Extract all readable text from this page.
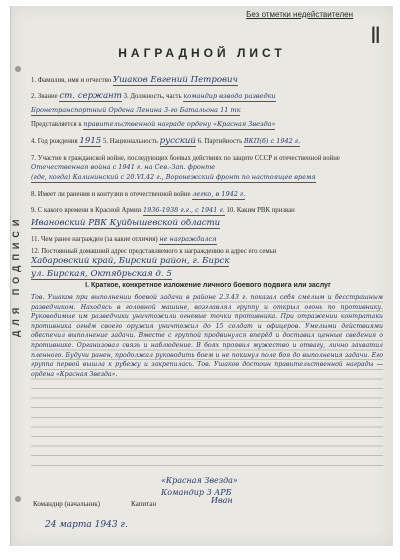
ДЛЯ ПОДПИСИ
Без отметки недействителен
Ⅱ
НАГРАДНОЙ ЛИСТ
1. Фамилия, имя и отчество Ушаков Евгений Петрович
2. Звание ст. сержант 3. Должность, часть командир взвода разведки
Бронетранспортный Ордена Ленина 3-го Батальона 11 тк
Представляется к правительственной награде ордену «Красная Звезда»
4. Год рождения 1915 5. Национальность русский 6. Партийность ВКП(б) с 1942 г.
7. Участие в гражданской войне, последующих боевых действиях по защите СССР и отечественной войне Отечественная война с 1941 г. на Сев.-Зап. фронте
(где, когда) Калининский с 20.VI.42 г., Воронежский фронт по настоящее время
8. Имеет ли ранения и контузии в отечественной войне легко, в 1942 г.
9. С какого времени в Красной Армии 1936-1938 г.г., с 1941 г. 10. Каким РВК призван
Ивановский РВК Куйбышевской области
11. Чем ранее награжден (за какие отличия) не награждался
12. Постоянный домашний адрес представляемого к награждению и адрес его семьи
Хабаровский край, Бирский район, г. Бирск
ул. Бирская, Октябрьская д. 5
I. Краткое, конкретное изложение личного боевого подвига или заслуг
Тов. Ушаков при выполнении боевой задачи в районе 2.3.43 г. показал себя смелым и бесстрашным разведчиком. Находясь в головной машине, возглавлял группу и открыл огонь по противнику. Руководимые им разведчики уничтожили огневые точки противника. При отражении контратаки противника огнём своего оружия уничтожил до 15 солдат и офицеров. Умелыми действиями обеспечил выполнение задачи. Вместе с группой продвинулся вперёд и доставил ценные сведения о противнике. Организовал связь и наблюдение. В боях проявил мужество и отвагу, лично захватил пленного. Будучи ранен, продолжал руководить боем и не покинул поле боя до выполнения задачи. Его группа первой вышла к рубежу и закрепилась. Тов. Ушаков достоин правительственной награды — ордена «Красная Звезда».
«Красная Звезда»
Командир 3 АРБ
Командир (начальник)	Капитан	Иван
24 марта 1943 г.
